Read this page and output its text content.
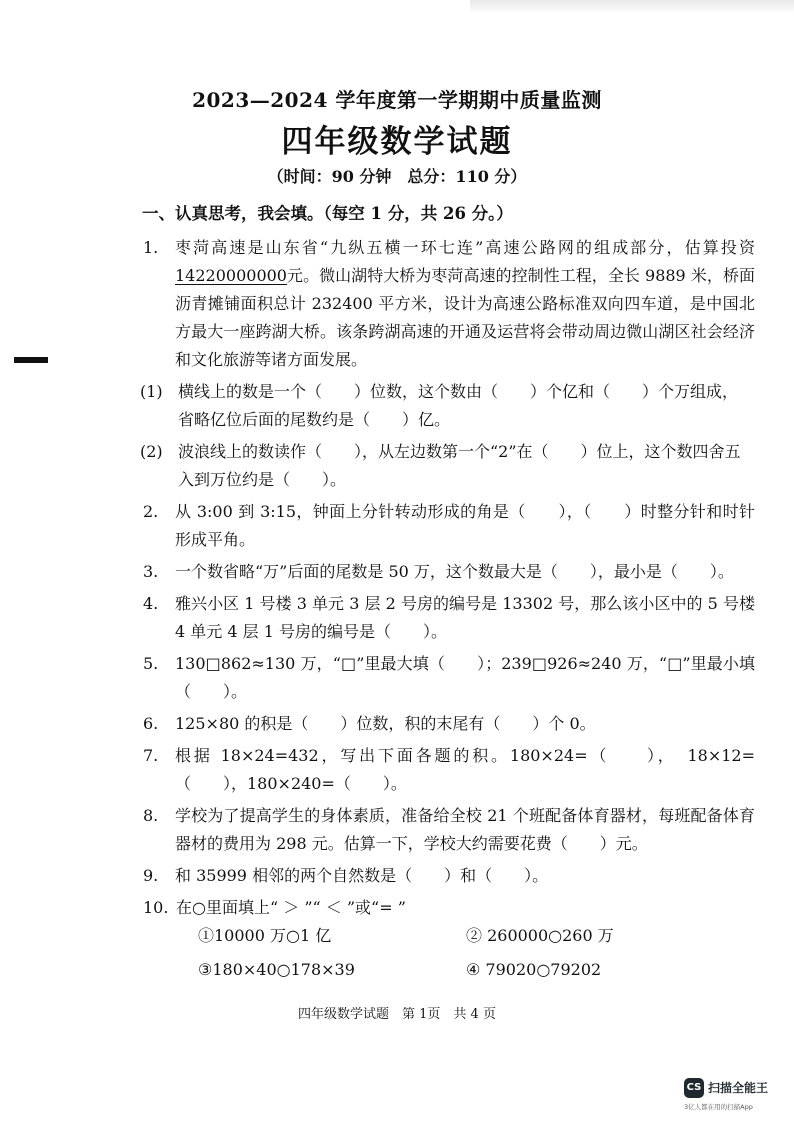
2023—2024 学年度第一学期期中质量监测
四年级数学试题
（时间：90 分钟　总分：110 分）
一、认真思考，我会填。（每空 1 分，共 26 分。）
1.	枣菏高速是山东省“九纵五横一环七连”高速公路网的组成部分，估算投资14220000000元。微山湖特大桥为枣菏高速的控制性工程，全长 9889 米，桥面沥青摊铺面积总计 232400 平方米，设计为高速公路标准双向四车道，是中国北方最大一座跨湖大桥。该条跨湖高速的开通及运营将会带动周边微山湖区社会经济和文化旅游等诸方面发展。
(1) 横线上的数是一个（　　）位数，这个数由（　　）个亿和（　　）个万组成，省略亿位后面的尾数约是（　　）亿。
(2) 波浪线上的数读作（　　），从左边数第一个“2”在（　　）位上，这个数四舍五入到万位约是（　　）。
2.	从 3:00 到 3:15，钟面上分针转动形成的角是（　　），（　　）时整分针和时针形成平角。
3.	一个数省略“万”后面的尾数是 50 万，这个数最大是（　　），最小是（　　）。
4.	雅兴小区 1 号楼 3 单元 3 层 2 号房的编号是 13302 号，那么该小区中的 5 号楼 4 单元 4 层 1 号房的编号是（　　）。
5.	130□862≈130 万，“□”里最大填（　　）；239□926≈240 万，“□”里最小填（　　）。
6.	125×80 的积是（　　）位数，积的末尾有（　　）个 0。
7.	根据 18×24=432，写出下面各题的积。180×24=（　　），　18×12=（　　），180×240=（　　）。
8.	学校为了提高学生的身体素质，准备给全校 21 个班配备体育器材，每班配备体育器材的费用为 298 元。估算一下，学校大约需要花费（　　）元。
9.	和 35999 相邻的两个自然数是（　　）和（　　）。
10. 在○里面填上“ ＞ ”“ ＜ ”或“= ”
①10000 万○1 亿	② 260000○260 万
③180×40○178×39	④ 79020○79202
四年级数学试题　第 1页　共 4 页
CS 扫描全能王
3亿人都在用的扫描App
